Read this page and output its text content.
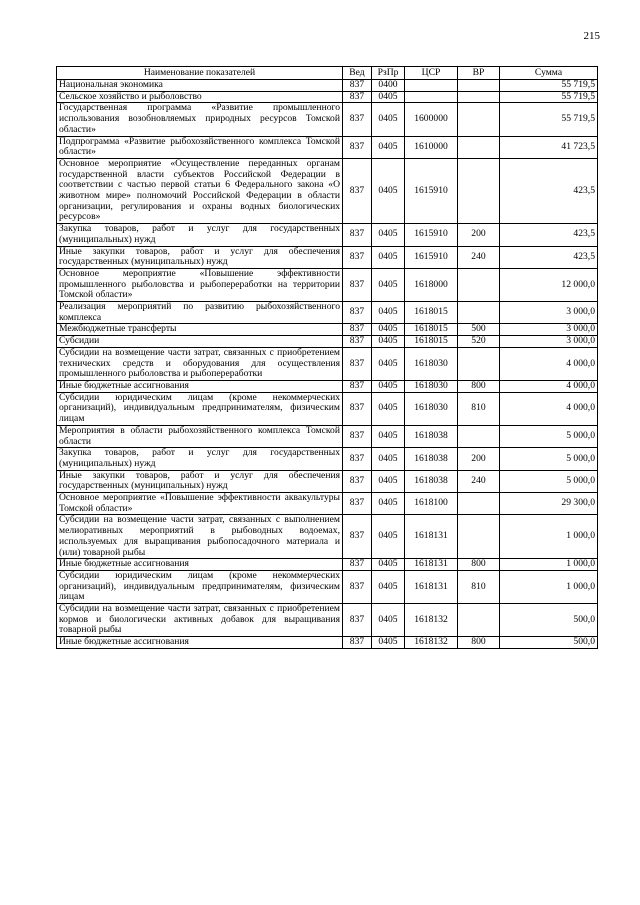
215
Наименование показателей	Вед	РзПр	ЦСР	ВР	Сумма
Национальная экономика	837	0400			55 719,5
Сельское хозяйство и рыболовство	837	0405			55 719,5
Государственная программа «Развитие промышленного использования возобновляемых природных ресурсов Томской области»	837	0405	1600000		55 719,5
Подпрограмма «Развитие рыбохозяйственного комплекса Томской области»	837	0405	1610000		41 723,5
Основное мероприятие «Осуществление переданных органам государственной власти субъектов Российской Федерации в соответствии с частью первой статьи 6 Федерального закона «О животном мире» полномочий Российской Федерации в области организации, регулирования и охраны водных биологических ресурсов»	837	0405	1615910		423,5
Закупка товаров, работ и услуг для государственных (муниципальных) нужд	837	0405	1615910	200	423,5
Иные закупки товаров, работ и услуг для обеспечения государственных (муниципальных) нужд	837	0405	1615910	240	423,5
Основное мероприятие «Повышение эффективности промышленного рыболовства и рыбопереработки на территории Томской области»	837	0405	1618000		12 000,0
Реализация мероприятий по развитию рыбохозяйственного комплекса	837	0405	1618015		3 000,0
Межбюджетные трансферты	837	0405	1618015	500	3 000,0
Субсидии	837	0405	1618015	520	3 000,0
Субсидии на возмещение части затрат, связанных с приобретением технических средств и оборудования для осуществления промышленного рыболовства и рыбопереработки	837	0405	1618030		4 000,0
Иные бюджетные ассигнования	837	0405	1618030	800	4 000,0
Субсидии юридическим лицам (кроме некоммерческих организаций), индивидуальным предпринимателям, физическим лицам	837	0405	1618030	810	4 000,0
Мероприятия в области рыбохозяйственного комплекса Томской области	837	0405	1618038		5 000,0
Закупка товаров, работ и услуг для государственных (муниципальных) нужд	837	0405	1618038	200	5 000,0
Иные закупки товаров, работ и услуг для обеспечения государственных (муниципальных) нужд	837	0405	1618038	240	5 000,0
Основное мероприятие «Повышение эффективности аквакультуры Томской области»	837	0405	1618100		29 300,0
Субсидии на возмещение части затрат, связанных с выполнением мелиоративных мероприятий в рыбоводных водоемах, используемых для выращивания рыбопосадочного материала и (или) товарной рыбы	837	0405	1618131		1 000,0
Иные бюджетные ассигнования	837	0405	1618131	800	1 000,0
Субсидии юридическим лицам (кроме некоммерческих организаций), индивидуальным предпринимателям, физическим лицам	837	0405	1618131	810	1 000,0
Субсидии на возмещение части затрат, связанных с приобретением кормов и биологически активных добавок для выращивания товарной рыбы	837	0405	1618132		500,0
Иные бюджетные ассигнования	837	0405	1618132	800	500,0
